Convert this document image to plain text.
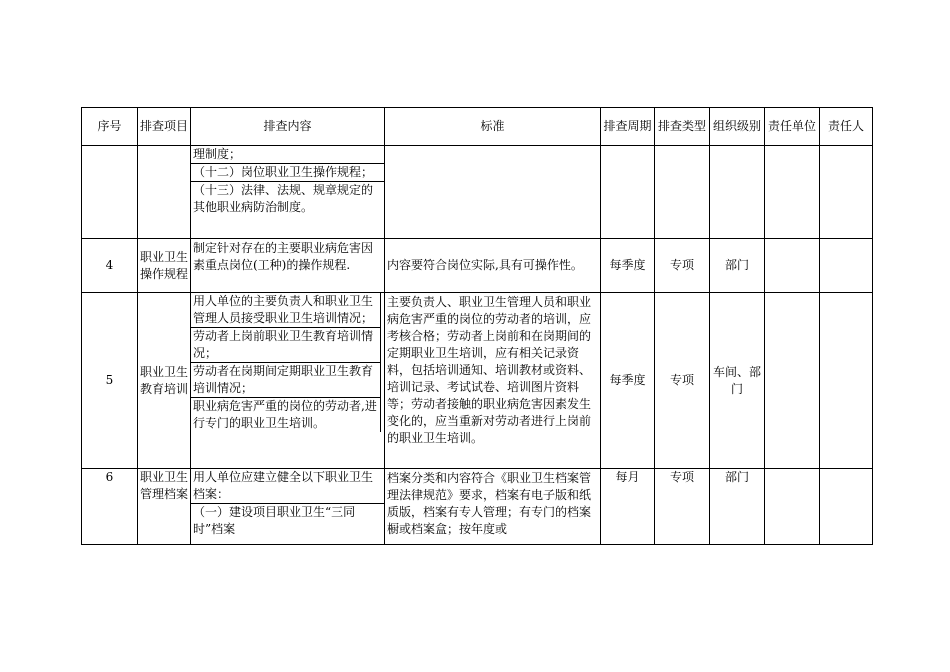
序号	排查项目	排查内容	标准	排查周期	排查类型	组织级别	责任单位	责任人

		理制度；
（十二）岗位职业卫生操作规程；
（十三）法律、法规、规章规定的其他职业病防治制度。						

4	职业卫生操作规程	制定针对存在的主要职业病危害因素重点岗位(工种)的操作规程.	内容要符合岗位实际,具有可操作性。	每季度	专项	部门		
5	职业卫生教育培训	用人单位的主要负责人和职业卫生管理人员接受职业卫生培训情况；
劳动者上岗前职业卫生教育培训情况；
劳动者在岗期间定期职业卫生教育培训情况；
职业病危害严重的岗位的劳动者,进行专门的职业卫生培训。	主要负责人、职业卫生管理人员和职业病危害严重的岗位的劳动者的培训，应考核合格；劳动者上岗前和在岗期间的定期职业卫生培训，应有相关记录资料，包括培训通知、培训教材或资料、培训记录、考试试卷、培训图片资料等；劳动者接触的职业病危害因素发生变化的，应当重新对劳动者进行上岗前的职业卫生培训。	每季度	专项	车间、部门		
6	职业卫生管理档案	用人单位应建立健全以下职业卫生档案：
（一）建设项目职业卫生“三同时”档案	档案分类和内容符合《职业卫生档案管理法律规范》要求，档案有电子版和纸质版，档案有专人管理；有专门的档案橱或档案盒；按年度或	每月	专项	部门		
